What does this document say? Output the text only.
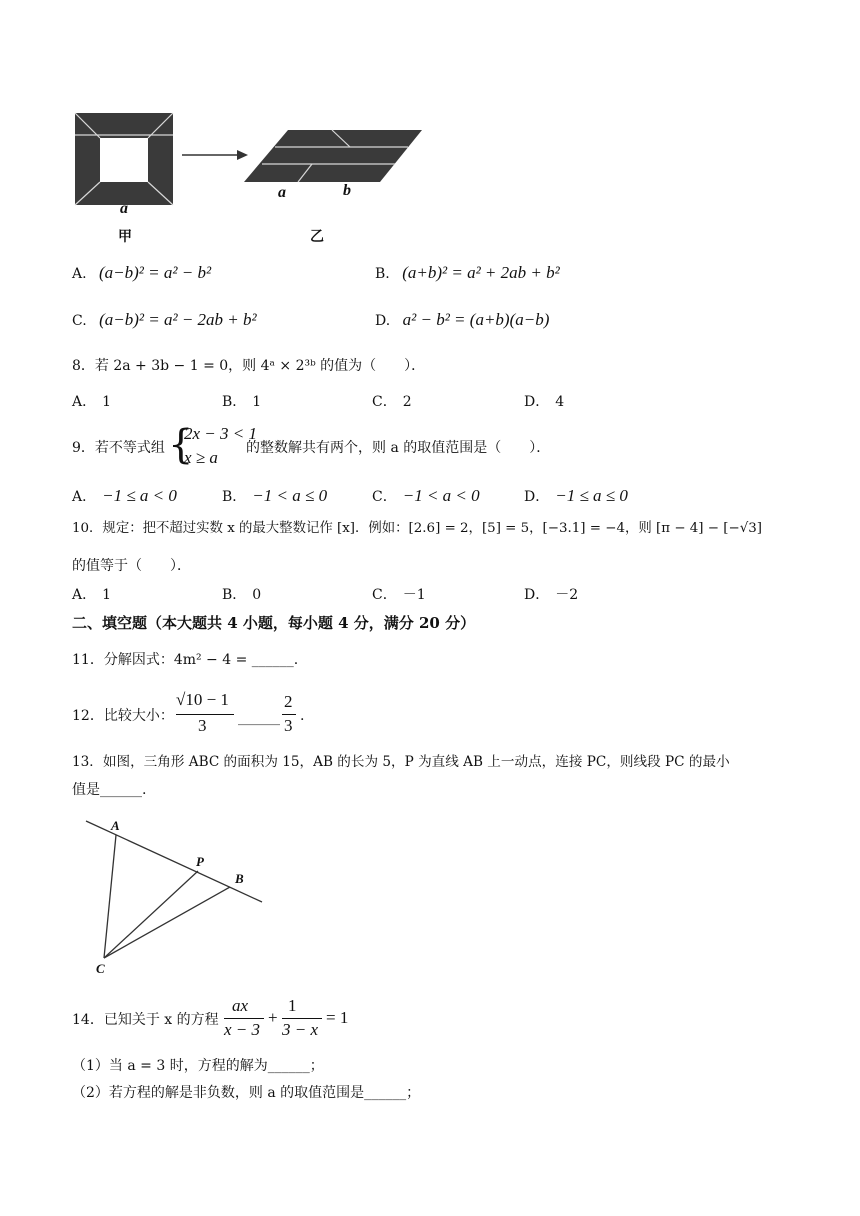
a
甲
a	b
乙
A. (a−b)² = a² − b²	B. (a+b)² = a² + 2ab + b²
C. (a−b)² = a² − 2ab + b²	D. a² − b² = (a+b)(a−b)
8．若 2a + 3b − 1 = 0，则 4ᵃ × 2³ᵇ 的值为（　　）．
A． 1	B． 1	C． 2	D． 4
9．若不等式组 {
2x − 3 < 1
x ≥ a 的整数解共有两个，则 a 的取值范围是（　　）．
A． −1 ≤ a < 0	B． −1 < a ≤ 0	C． −1 < a < 0	D． −1 ≤ a ≤ 0
10．规定：把不超过实数 x 的最大整数记作 [x]．例如：[2.6] = 2，[5] = 5，[−3.1] = −4，则 [π − 4] − [−√3]
的值等于（　　）．
A． 1	B． 0	C． －1	D． －2
二、填空题（本大题共 4 小题，每小题 4 分，满分 20 分）
11．分解因式：4m² − 4 = ______.
12．比较大小：
√10 − 1
3 ______
2
3 .
13．如图，三角形 ABC 的面积为 15，AB 的长为 5，P 为直线 AB 上一动点，连接 PC，则线段 PC 的最小
值是______.
A
P
B
C
14．已知关于 x 的方程
ax
x − 3
+
1
3 − x
= 1
（1）当 a = 3 时，方程的解为______；
（2）若方程的解是非负数，则 a 的取值范围是______；
